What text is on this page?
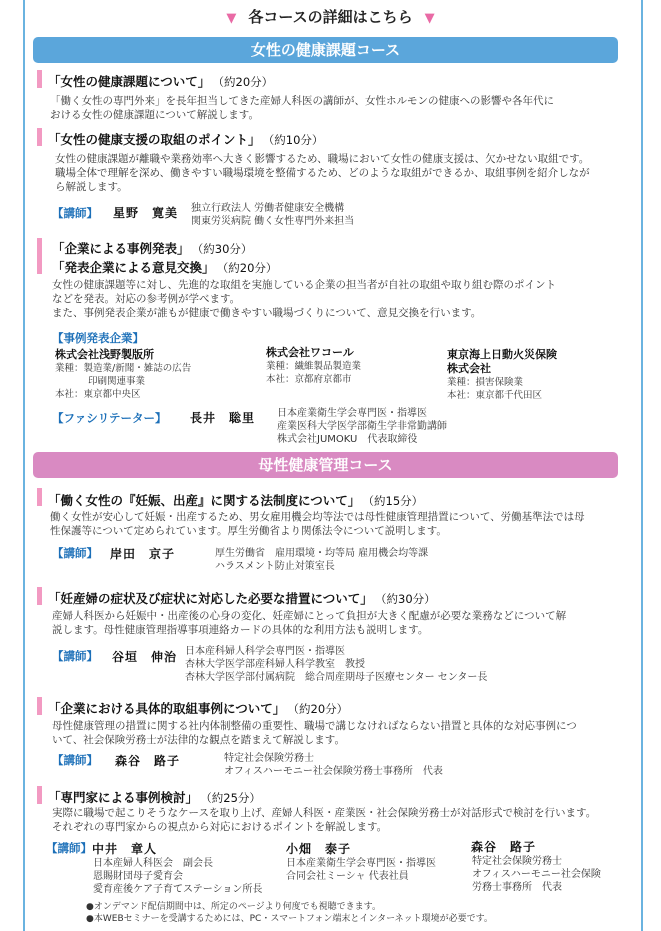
▼ 各コースの詳細はこちら ▼
女性の健康課題コース
「女性の健康課題について」 （約20分）
「働く女性の専門外来」を長年担当してきた産婦人科医の講師が、女性ホルモンの健康への影響や各年代に
おける女性の健康課題について解説します。
「女性の健康支援の取組のポイント」 （約10分）
女性の健康課題が離職や業務効率へ大きく影響するため、職場において女性の健康支援は、欠かせない取組です。
職場全体で理解を深め、働きやすい職場環境を整備するため、どのような取組ができるか、取組事例を紹介しなが
ら解説します。
【講師】 星野　寛美 独立行政法人 労働者健康安全機構
関東労災病院 働く女性専門外来担当
「企業による事例発表」 （約30分）
「発表企業による意見交換」 （約20分）
女性の健康課題等に対し、先進的な取組を実施している企業の担当者が自社の取組や取り組む際のポイント
などを発表。対応の参考例が学べます。
また、事例発表企業が誰もが健康で働きやすい職場づくりについて、意見交換を行います。
【事例発表企業】
株式会社浅野製版所
業種：製造業/新聞・雑誌の広告
印刷関連事業
本社：東京都中央区
株式会社ワコール
業種：繊維製品製造業
本社：京都府京都市
東京海上日動火災保険
株式会社
業種：損害保険業
本社：東京都千代田区
【ファシリテーター】 長井　聡里 日本産業衛生学会専門医・指導医
産業医科大学医学部衛生学非常勤講師
株式会社JUMOKU　代表取締役
母性健康管理コース
「働く女性の『妊娠、出産』に関する法制度について」 （約15分）
働く女性が安心して妊娠・出産するため、男女雇用機会均等法では母性健康管理措置について、労働基準法では母
性保護等について定められています。厚生労働省より関係法令について説明します。
【講師】 岸田　京子	厚生労働省　雇用環境・均等局 雇用機会均等課
ハラスメント防止対策室長
「妊産婦の症状及び症状に対応した必要な措置について」 （約30分）
産婦人科医から妊娠中・出産後の心身の変化、妊産婦にとって負担が大きく配慮が必要な業務などについて解
説します。母性健康管理指導事項連絡カードの具体的な利用方法も説明します。
【講師】 谷垣　伸治 日本産科婦人科学会専門医・指導医
杏林大学医学部産科婦人科学教室　教授
杏林大学医学部付属病院　総合周産期母子医療センター センター長
「企業における具体的取組事例について」 （約20分）
母性健康管理の措置に関する社内体制整備の重要性、職場で講じなければならない措置と具体的な対応事例につ
いて、社会保険労務士が法律的な観点を踏まえて解説します。
【講師】 森谷　路子	特定社会保険労務士
オフィスハーモニー社会保険労務士事務所　代表
「専門家による事例検討」 （約25分）
実際に職場で起こりそうなケースを取り上げ、産婦人科医・産業医・社会保険労務士が対話形式で検討を行います。
それぞれの専門家からの視点から対応におけるポイントを解説します。
【講師】 中井　章人
日本産婦人科医会　副会長
恩賜財団母子愛育会
愛育産後ケア子育てステーション所長
小畑　泰子
日本産業衛生学会専門医・指導医
合同会社ミーシャ 代表社員
森谷　路子
特定社会保険労務士
オフィスハーモニー社会保険
労務士事務所　代表
●オンデマンド配信期間中は、所定のページより何度でも視聴できます。
●本WEBセミナーを受講するためには、PC・スマートフォン端末とインターネット環境が必要です。
